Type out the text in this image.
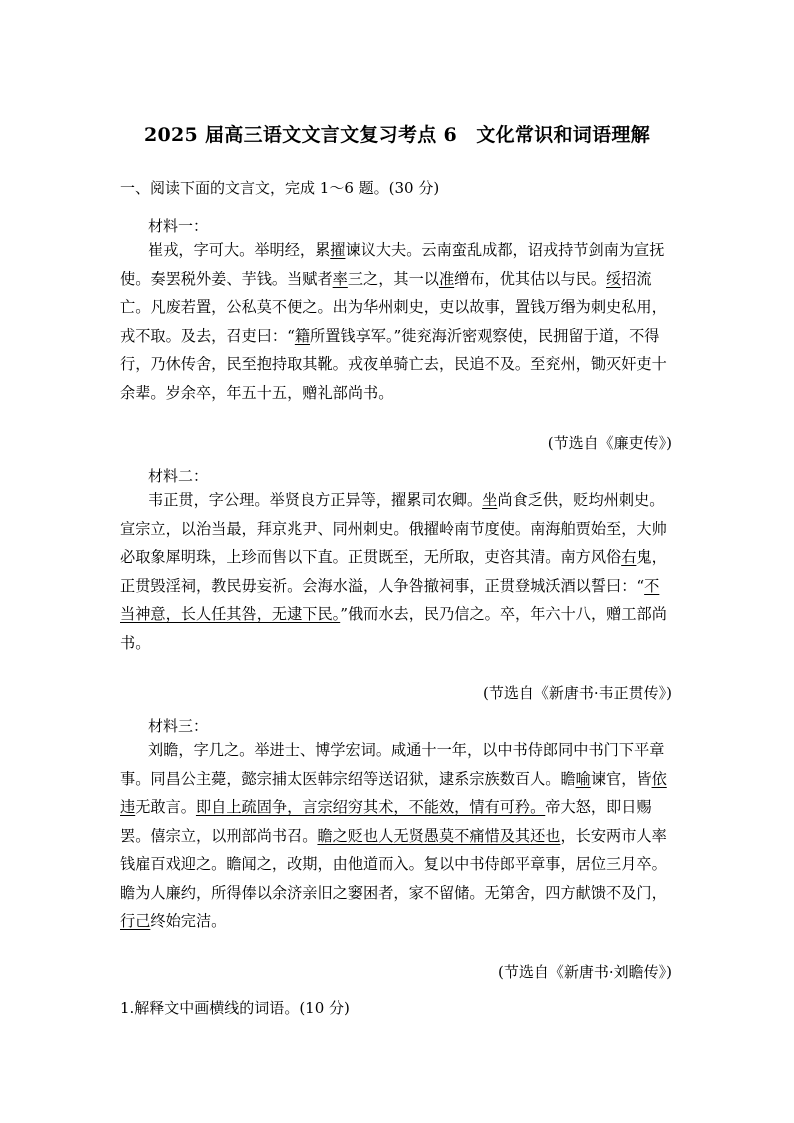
2025 届高三语文文言文复习考点 6　文化常识和词语理解
一、阅读下面的文言文，完成 1～6 题。(30 分)
材料一：
崔戎，字可大。举明经，累擢谏议大夫。云南蛮乱成都，诏戎持节剑南为宣抚使。奏罢税外姜、芋钱。当赋者率三之，其一以准缯布，优其估以与民。绥招流亡。凡废若置，公私莫不便之。出为华州刺史，吏以故事，置钱万缗为刺史私用，戎不取。及去，召吏曰：“籍所置钱享军。”徙兖海沂密观察使，民拥留于道，不得行，乃休传舍，民至抱持取其靴。戎夜单骑亡去，民追不及。至兖州，锄灭奸吏十余辈。岁余卒，年五十五，赠礼部尚书。
(节选自《廉吏传》)
材料二：
韦正贯，字公理。举贤良方正异等，擢累司农卿。坐尚食乏供，贬均州刺史。宣宗立，以治当最，拜京兆尹、同州刺史。俄擢岭南节度使。南海舶贾始至，大帅必取象犀明珠，上珍而售以下直。正贯既至，无所取，吏咨其清。南方风俗右鬼，正贯毁淫祠，教民毋妄祈。会海水溢，人争咎撤祠事，正贯登城沃酒以誓曰：“不当神意，长人任其咎，无逮下民。”俄而水去，民乃信之。卒，年六十八，赠工部尚书。
(节选自《新唐书·韦正贯传》)
材料三：
刘瞻，字几之。举进士、博学宏词。咸通十一年，以中书侍郎同中书门下平章事。同昌公主薨，懿宗捕太医韩宗绍等送诏狱，逮系宗族数百人。瞻喻谏官，皆依违无敢言。即自上疏固争，言宗绍穷其术，不能效，情有可矜。帝大怒，即日赐罢。僖宗立，以刑部尚书召。瞻之贬也人无贤愚莫不痛惜及其还也，长安两市人率钱雇百戏迎之。瞻闻之，改期，由他道而入。复以中书侍郎平章事，居位三月卒。瞻为人廉约，所得俸以余济亲旧之窭困者，家不留储。无第舍，四方献馈不及门，行己终始完洁。
(节选自《新唐书·刘瞻传》)
1.解释文中画横线的词语。(10 分)
